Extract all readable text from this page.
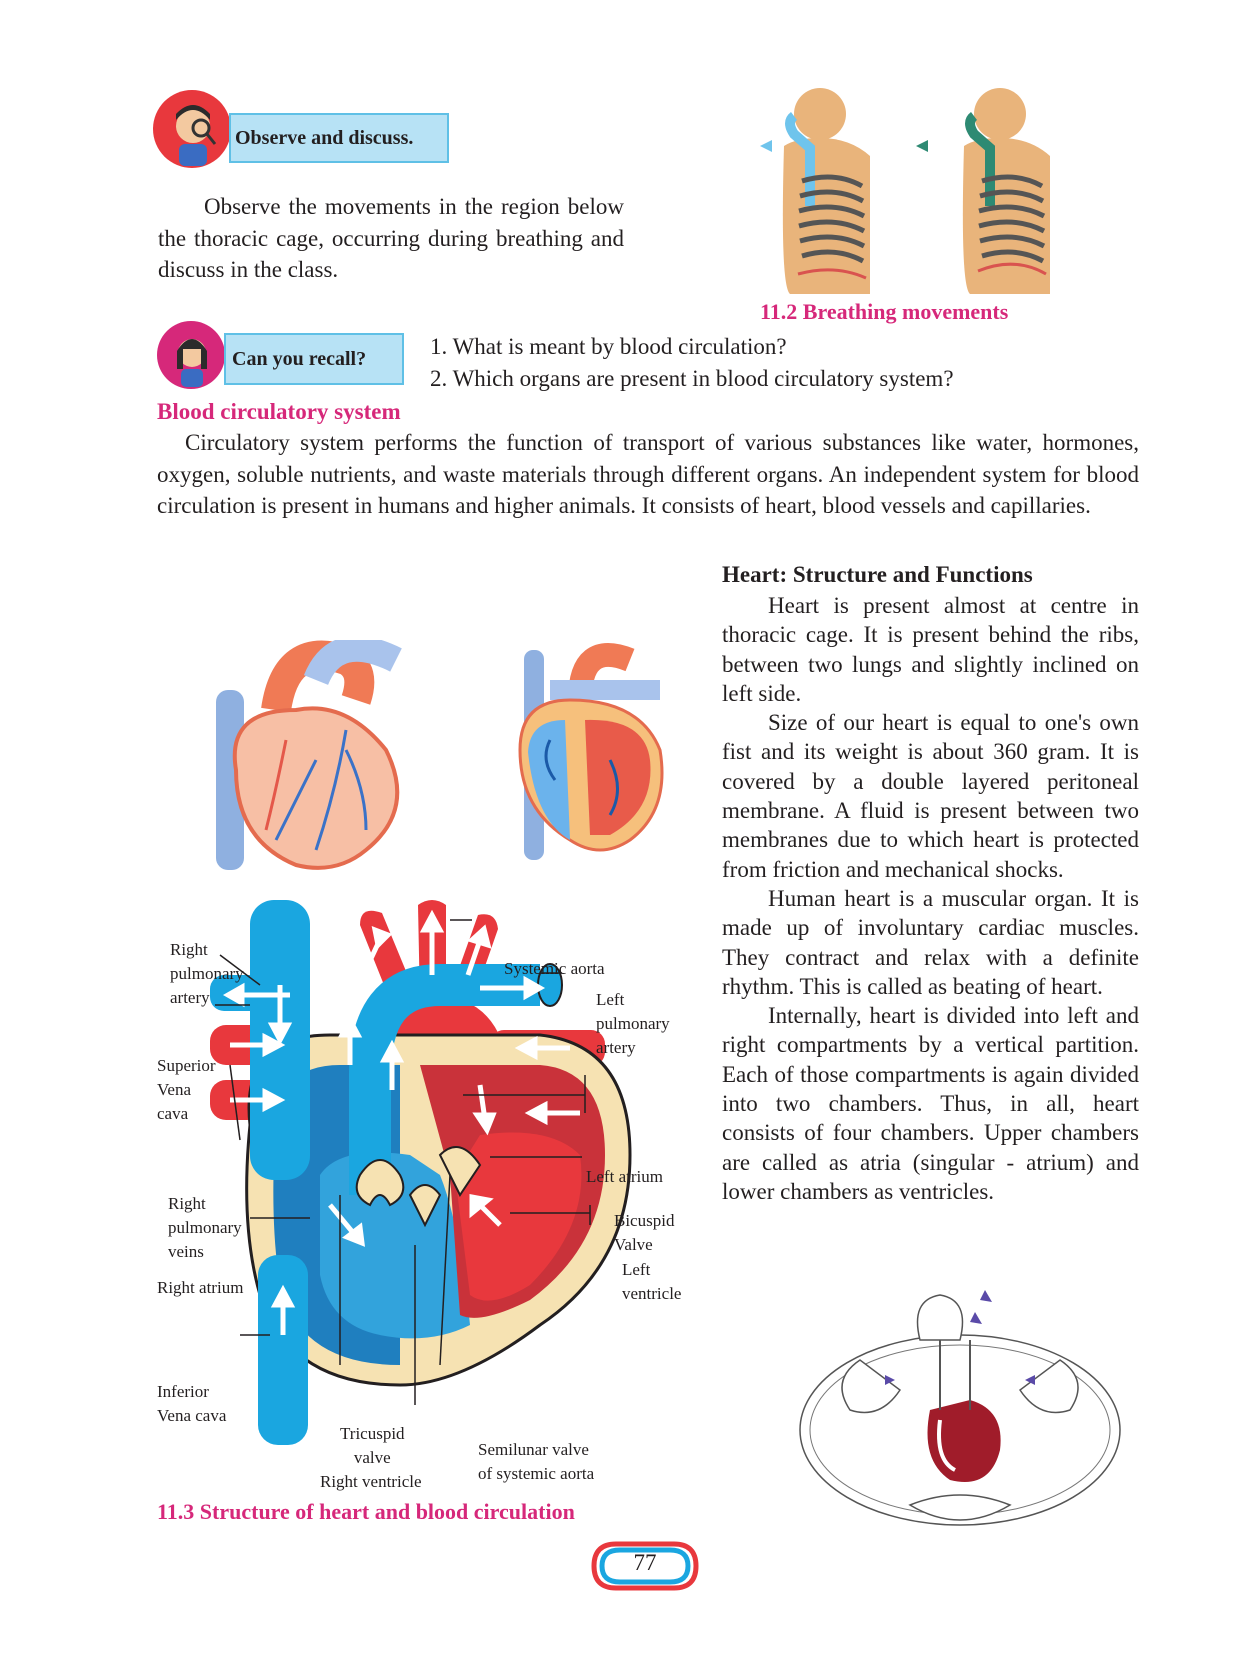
Observe and discuss.
Observe the movements in the region below the thoracic cage, occurring during breathing and discuss in the class.
11.2 Breathing movements
Can you recall?	1. What is meant by blood circulation?
2. Which organs are present in blood circulatory system?
Blood circulatory system
Circulatory system performs the function of transport of various substances like water, hormones, oxygen, soluble nutrients, and waste materials through different organs. An independent system for blood circulation is present in humans and higher animals. It consists of heart, blood vessels and capillaries.
Heart: Structure and Functions
Heart is present almost at centre in thoracic cage. It is present behind the ribs, between two lungs and slightly inclined on left side.
Size of our heart is equal to one's own fist and its weight is about 360 gram. It is covered by a double layered peritoneal membrane. A fluid is present between two membranes due to which heart is protected from friction and mechanical shocks.
Human heart is a muscular organ. It is made up of involuntary cardiac muscles. They contract and relax with a definite rhythm. This is called as beating of heart.
Internally, heart is divided into left and right compartments by a vertical partition. Each of those compartments is again divided into two chambers. Thus, in all, heart consists of four chambers. Upper chambers are called as atria (singular - atrium) and lower chambers as ventricles.
Right
pulmonary
artery
Superior
Vena
cava
Right
pulmonary
veins
Right atrium
Inferior
Vena cava
Tricuspid
valve
Right ventricle
Semilunar valve
of systemic aorta
Systemic aorta
Left
pulmonary
artery
Left atrium
Bicuspid
Valve
Left
ventricle
11.3 Structure of heart and blood circulation
77
